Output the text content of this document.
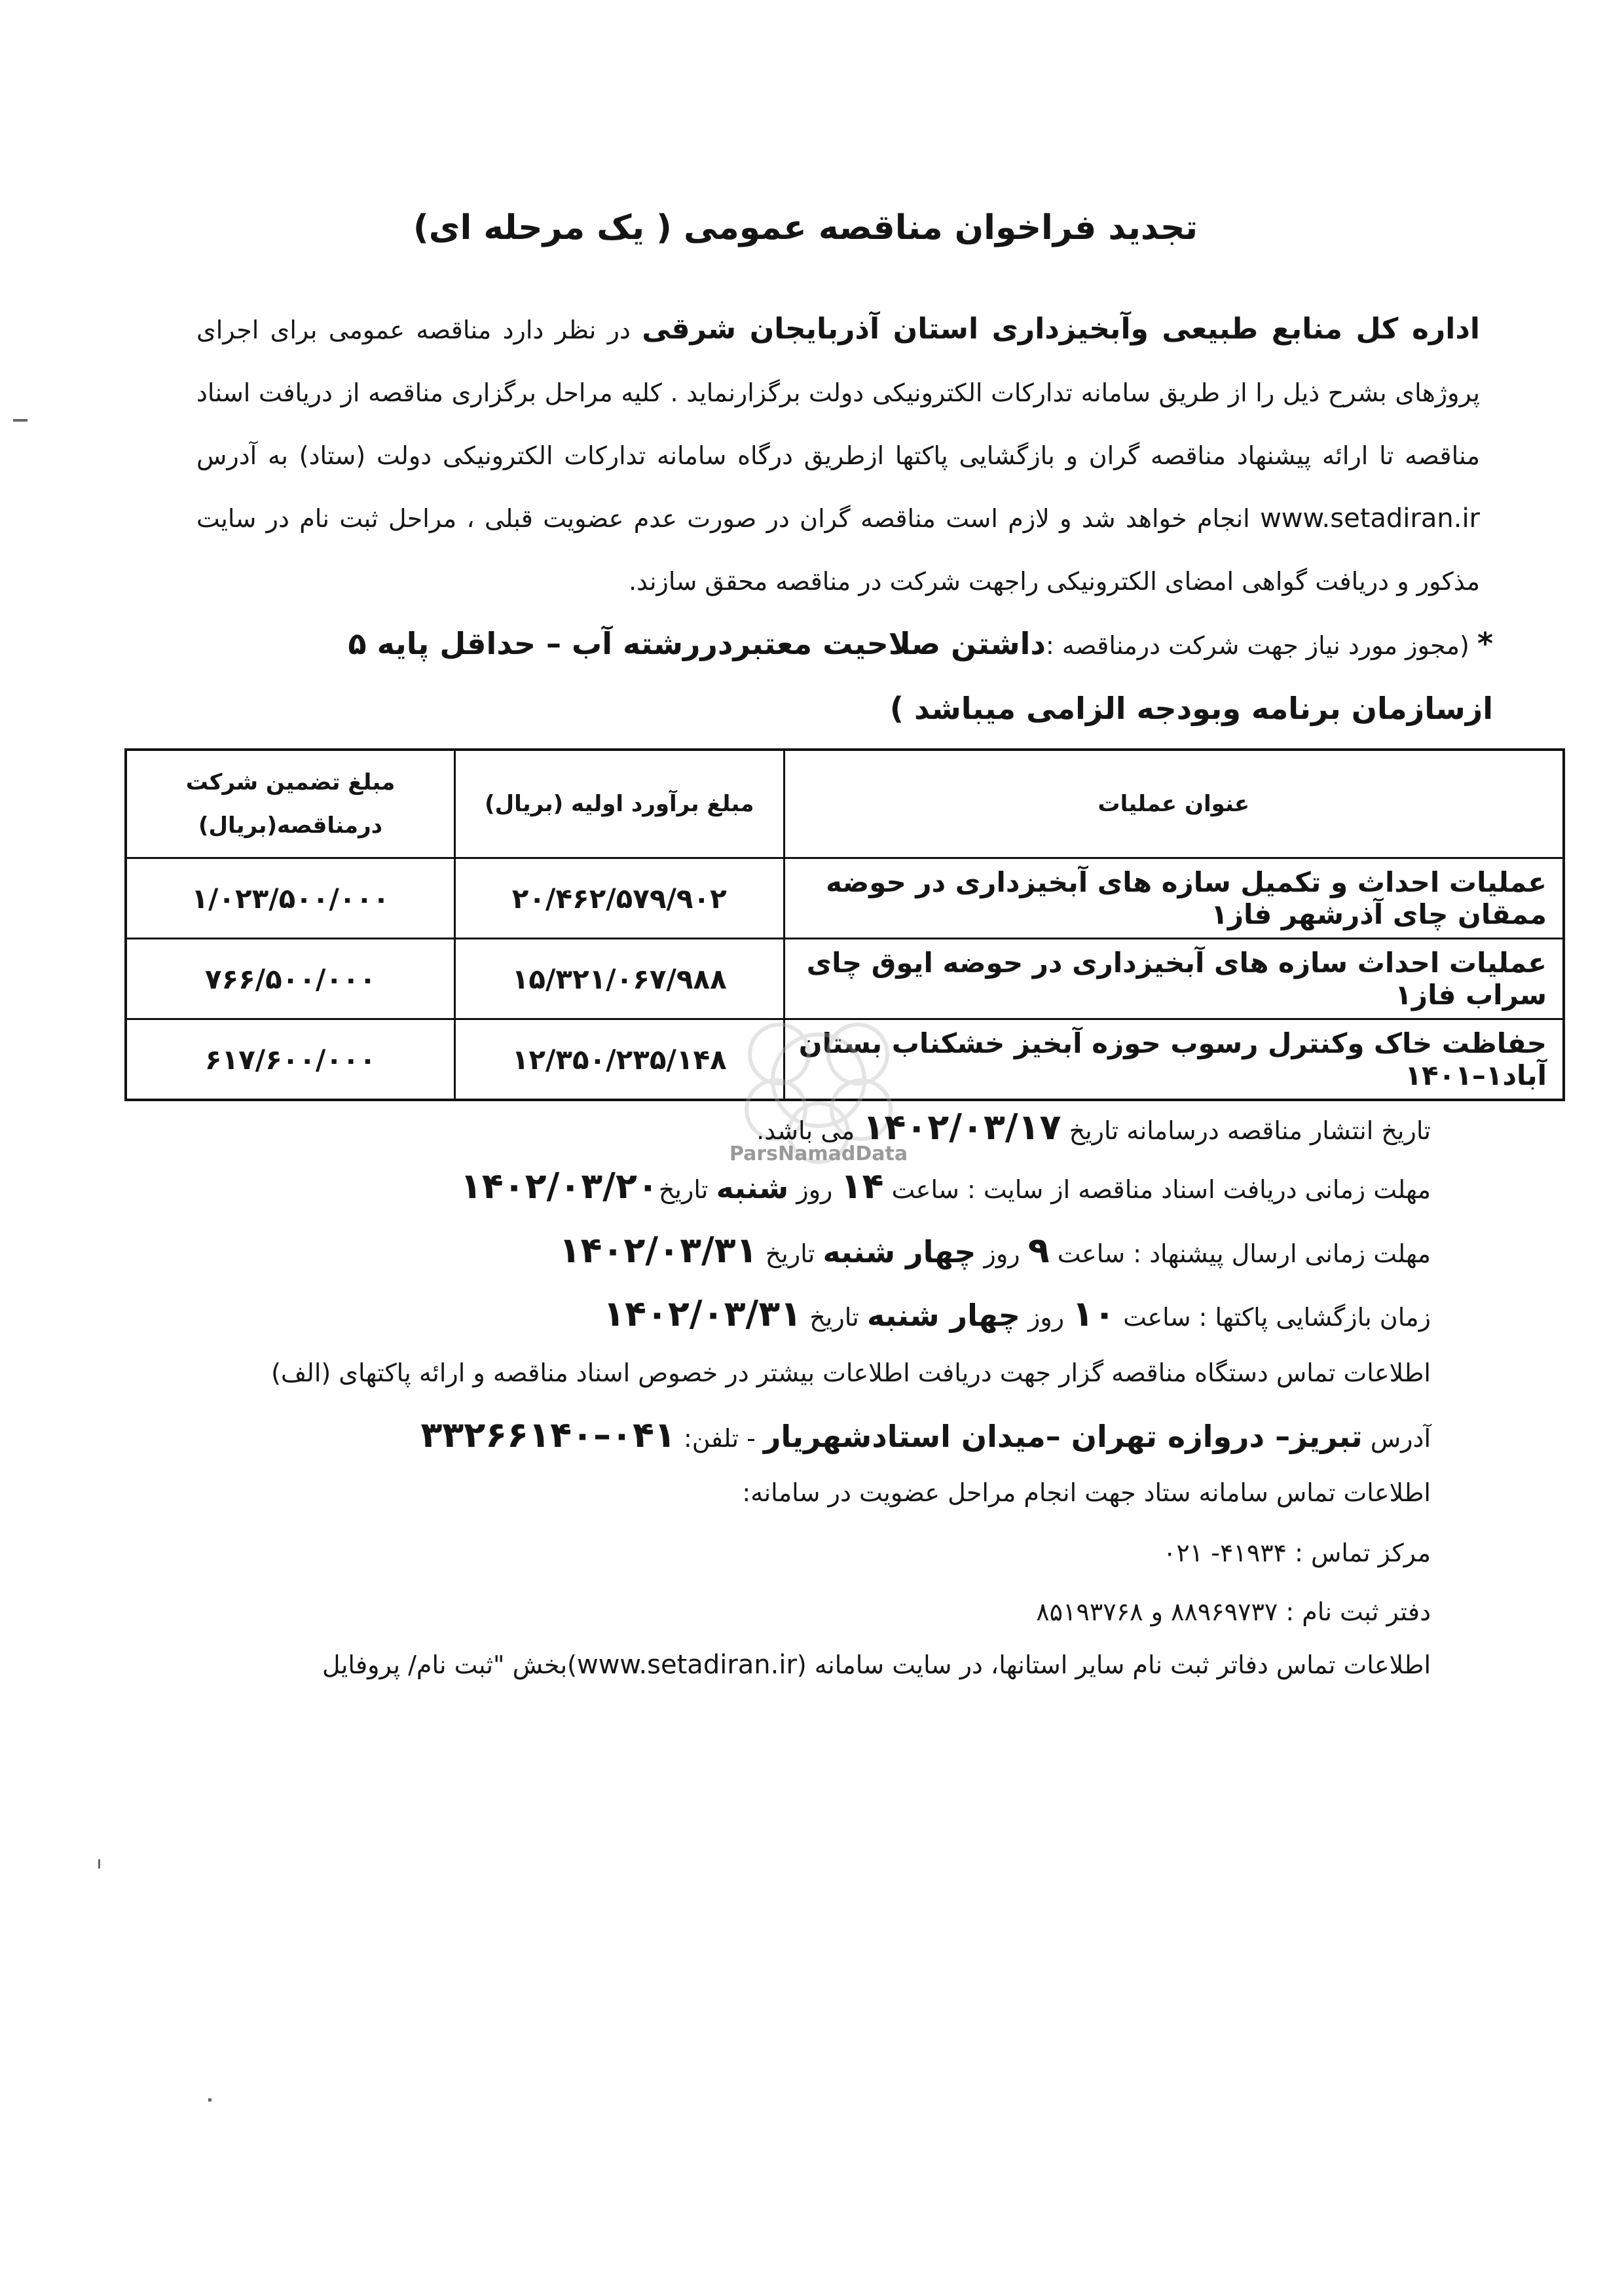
تجدید فراخوان مناقصه عمومی ( یک مرحله ای)
اداره کل منابع طبیعی وآبخیزداری استان آذربایجان شرقی در نظر دارد مناقصه عمومی برای اجرای پروژهای بشرح ذیل را از طریق سامانه تدارکات الکترونیکی دولت برگزارنماید . کلیه مراحل برگزاری مناقصه از دریافت اسناد مناقصه تا ارائه پیشنهاد مناقصه گران و بازگشایی پاکتها ازطریق درگاه سامانه تدارکات الکترونیکی دولت (ستاد) به آدرس www.setadiran.ir انجام خواهد شد و لازم است مناقصه گران در صورت عدم عضویت قبلی ، مراحل ثبت نام در سایت مذکور و دریافت گواهی امضای الکترونیکی راجهت شرکت در مناقصه محقق سازند.
* (مجوز مورد نیاز جهت شرکت درمناقصه :داشتن صلاحیت معتبردررشته آب – حداقل پایه ۵ ازسازمان برنامه وبودجه الزامی میباشد )
عنوان عملیات	مبلغ برآورد اولیه (بریال)	مبلغ تضمین شرکت درمناقصه(بریال)
عملیات احداث و تکمیل سازه های آبخیزداری در حوضه ممقان چای آذرشهر فاز۱	۲۰/۴۶۲/۵۷۹/۹۰۲	۱/۰۲۳/۵۰۰/۰۰۰
عملیات احداث سازه های آبخیزداری در حوضه ایوق چای سراب فاز۱	۱۵/۳۲۱/۰۶۷/۹۸۸	۷۶۶/۵۰۰/۰۰۰
حفاظت خاک وکنترل رسوب حوزه آبخیز خشکناب بستان آباد۱–۱۴۰۱	۱۲/۳۵۰/۲۳۵/۱۴۸	۶۱۷/۶۰۰/۰۰۰
ParsNamadData
تاریخ انتشار مناقصه درسامانه تاریخ ۱۴۰۲/۰۳/۱۷ می باشد.
مهلت زمانی دریافت اسناد مناقصه از سایت : ساعت ۱۴ روز شنبه تاریخ۱۴۰۲/۰۳/۲۰
مهلت زمانی ارسال پیشنهاد : ساعت ۹ روز چهار شنبه تاریخ ۱۴۰۲/۰۳/۳۱
زمان بازگشایی پاکتها : ساعت ۱۰ روز چهار شنبه تاریخ ۱۴۰۲/۰۳/۳۱
اطلاعات تماس دستگاه مناقصه گزار جهت دریافت اطلاعات بیشتر در خصوص اسناد مناقصه و ارائه پاکتهای (الف)
آدرس تبریز– دروازه تهران –میدان استادشهریار - تلفن: ۰۴۱–۳۳۲۶۶۱۴۰
اطلاعات تماس سامانه ستاد جهت انجام مراحل عضویت در سامانه:
مرکز تماس : ۴۱۹۳۴- ۰۲۱
دفتر ثبت نام : ۸۸۹۶۹۷۳۷ و ۸۵۱۹۳۷۶۸
اطلاعات تماس دفاتر ثبت نام سایر استانها، در سایت سامانه (www.setadiran.ir)بخش "ثبت نام/ پروفایل
